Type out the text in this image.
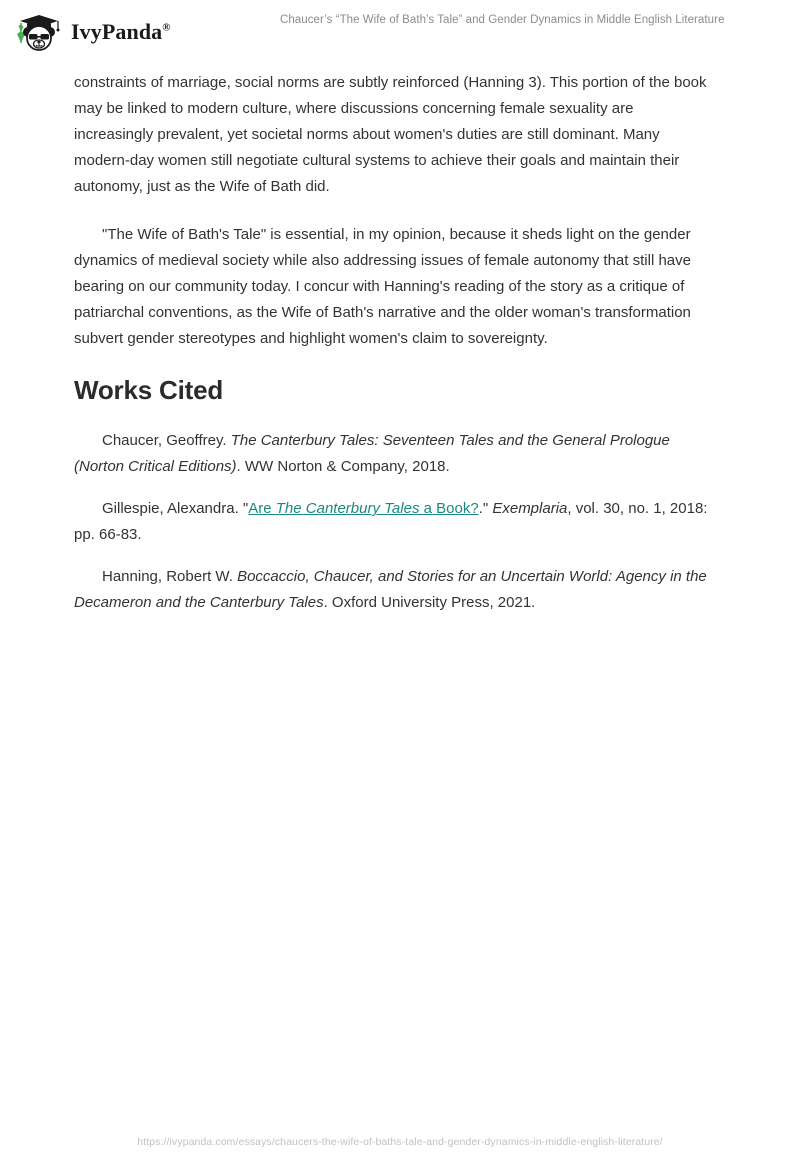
IvyPanda®
Chaucer’s “The Wife of Bath’s Tale” and Gender Dynamics in Middle English Literature

constraints of marriage, social norms are subtly reinforced (Hanning 3). This portion of the book may be linked to modern culture, where discussions concerning female sexuality are increasingly prevalent, yet societal norms about women's duties are still dominant. Many modern-day women still negotiate cultural systems to achieve their goals and maintain their autonomy, just as the Wife of Bath did.

"The Wife of Bath's Tale" is essential, in my opinion, because it sheds light on the gender dynamics of medieval society while also addressing issues of female autonomy that still have bearing on our community today. I concur with Hanning's reading of the story as a critique of patriarchal conventions, as the Wife of Bath's narrative and the older woman's transformation subvert gender stereotypes and highlight women's claim to sovereignty.

Works Cited

Chaucer, Geoffrey. The Canterbury Tales: Seventeen Tales and the General Prologue (Norton Critical Editions). WW Norton & Company, 2018.

Gillespie, Alexandra. "Are The Canterbury Tales a Book?." Exemplaria, vol. 30, no. 1, 2018: pp. 66-83.

Hanning, Robert W. Boccaccio, Chaucer, and Stories for an Uncertain World: Agency in the Decameron and the Canterbury Tales. Oxford University Press, 2021.

https://ivypanda.com/essays/chaucers-the-wife-of-baths-tale-and-gender-dynamics-in-middle-english-literature/
